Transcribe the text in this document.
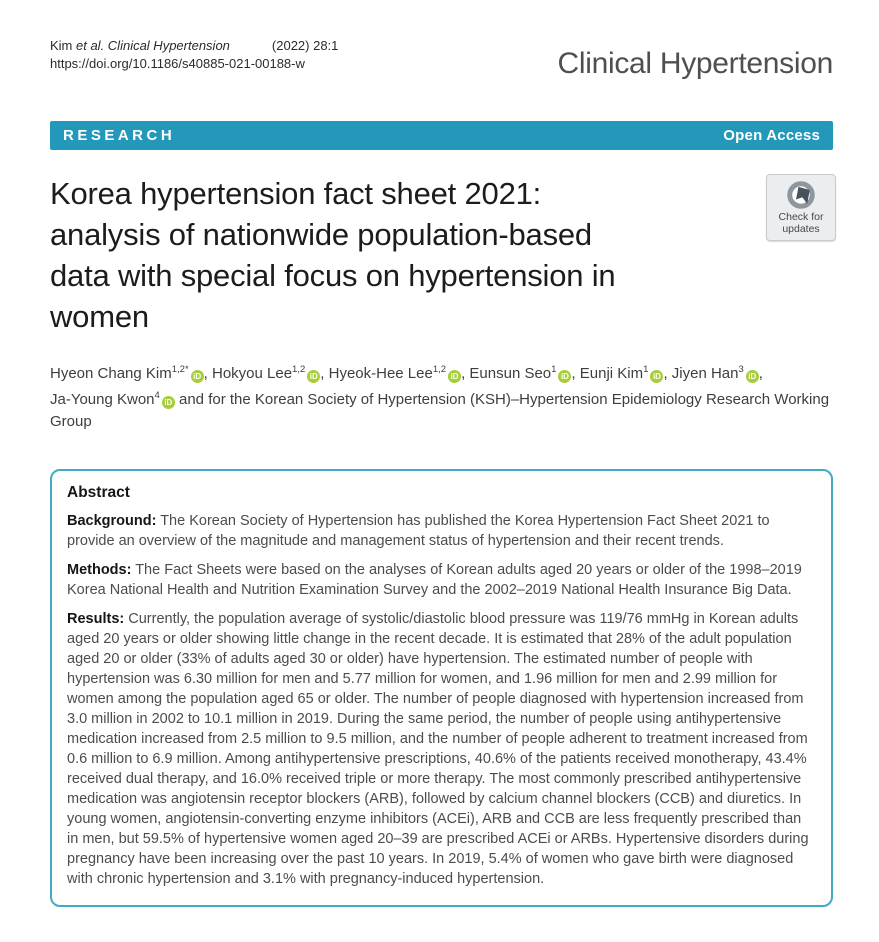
Kim et al. Clinical Hypertension	(2022) 28:1
https://doi.org/10.1186/s40885-021-00188-w	Clinical Hypertension
RESEARCH	Open Access
Korea hypertension fact sheet 2021:
analysis of nationwide population-based
data with special focus on hypertension in
women
Check for updates
Hyeon Chang Kim$^{1,2*}$iD , Hokyou Lee$^{1,2}$iD , Hyeok-Hee Lee$^{1,2}$iD , Eunsun Seo$^1$iD , Eunji Kim$^1$iD , Jiyen Han$^3$iD ,
Ja-Young Kwon$^4$iD and for the Korean Society of Hypertension (KSH)–Hypertension Epidemiology Research Working Group
Abstract

Background: The Korean Society of Hypertension has published the Korea Hypertension Fact Sheet 2021 to provide an overview of the magnitude and management status of hypertension and their recent trends.

Methods: The Fact Sheets were based on the analyses of Korean adults aged 20 years or older of the 1998–2019 Korea National Health and Nutrition Examination Survey and the 2002–2019 National Health Insurance Big Data.

Results: Currently, the population average of systolic/diastolic blood pressure was 119/76 mmHg in Korean adults aged 20 years or older showing little change in the recent decade. It is estimated that 28% of the adult population aged 20 or older (33% of adults aged 30 or older) have hypertension. The estimated number of people with hypertension was 6.30 million for men and 5.77 million for women, and 1.96 million for men and 2.99 million for women among the population aged 65 or older. The number of people diagnosed with hypertension increased from 3.0 million in 2002 to 10.1 million in 2019. During the same period, the number of people using antihypertensive medication increased from 2.5 million to 9.5 million, and the number of people adherent to treatment increased from 0.6 million to 6.9 million. Among antihypertensive prescriptions, 40.6% of the patients received monotherapy, 43.4% received dual therapy, and 16.0% received triple or more therapy. The most commonly prescribed antihypertensive medication was angiotensin receptor blockers (ARB), followed by calcium channel blockers (CCB) and diuretics. In young women, angiotensin-converting enzyme inhibitors (ACEi), ARB and CCB are less frequently prescribed than in men, but 59.5% of hypertensive women aged 20–39 are prescribed ACEi or ARBs. Hypertensive disorders during pregnancy have been increasing over the past 10 years. In 2019, 5.4% of women who gave birth were diagnosed with chronic hypertension and 3.1% with pregnancy-induced hypertension.
